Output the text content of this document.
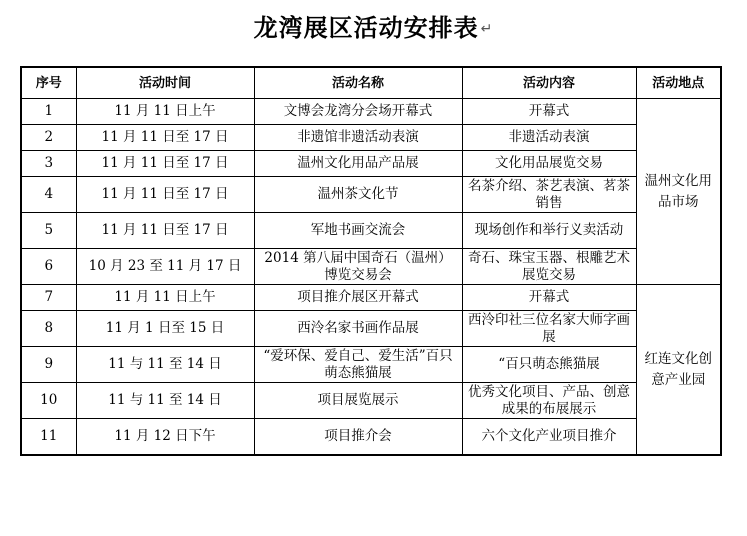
龙湾展区活动安排表 ↵
序号	活动时间	活动名称	活动内容	活动地点
1	11 月 11 日上午	文博会龙湾分会场开幕式	开幕式	温州文化用品市场
2	11 月 11 日至 17 日	非遗馆非遗活动表演	非遗活动表演	
3	11 月 11 日至 17 日	温州文化用品产品展	文化用品展览交易	
4	11 月 11 日至 17 日	温州茶文化节	名茶介绍、茶艺表演、茗茶销售	
5	11 月 11 日至 17 日	军地书画交流会	现场创作和举行义卖活动	
6	10 月 23 至 11 月 17 日	2014 第八届中国奇石（温州）博览交易会	奇石、珠宝玉器、根雕艺术展览交易	
7	11 月 11 日上午	项目推介展区开幕式	开幕式	红连文化创意产业园
8	11 月 1 日至 15 日	西泠名家书画作品展	西泠印社三位名家大师字画展	
9	11 与 11 至 14 日	“爱环保、爱自己、爱生活”百只萌态熊猫展	“百只萌态熊猫展	
10	11 与 11 至 14 日	项目展览展示	优秀文化项目、产品、创意成果的布展展示	
11	11 月 12 日下午	项目推介会	六个文化产业项目推介	
